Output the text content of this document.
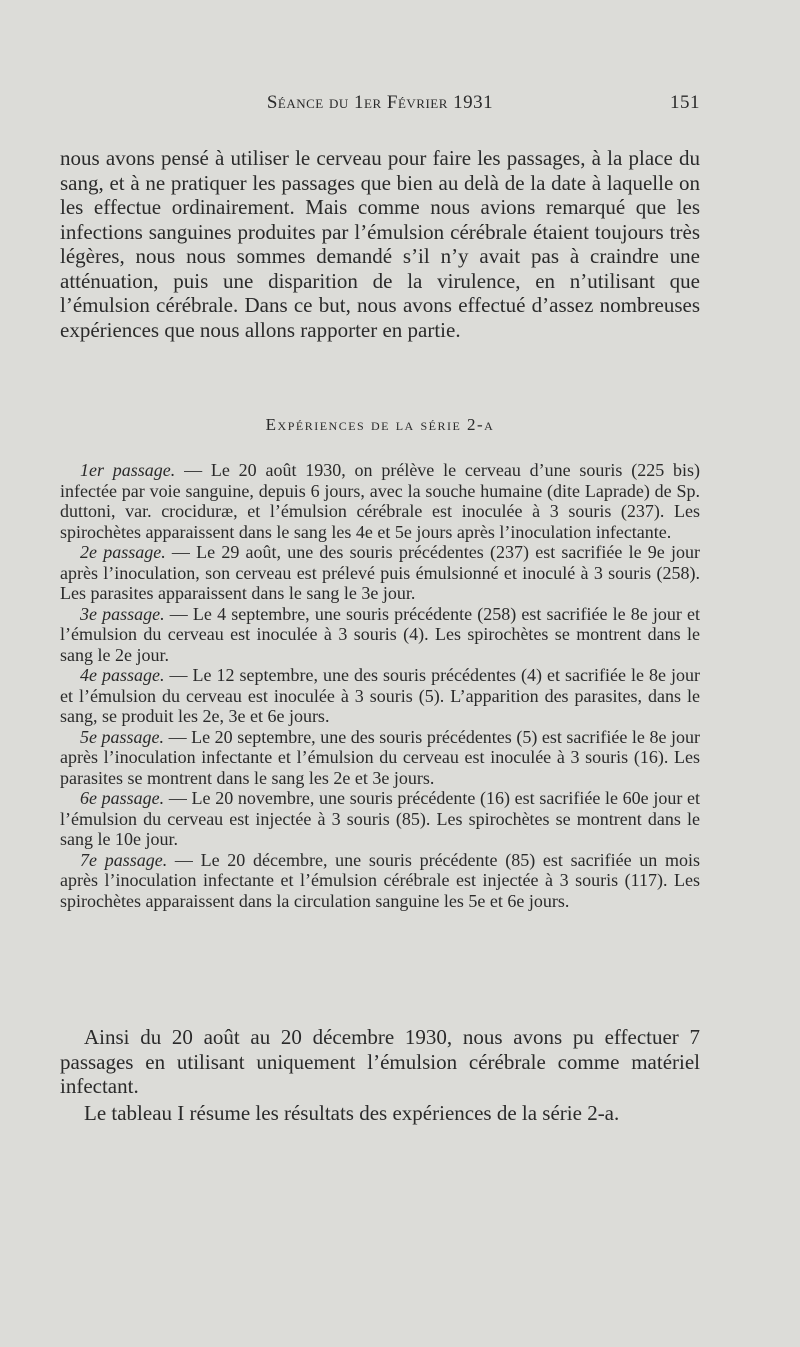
Séance du 1er Février 1931	151

nous avons pensé à utiliser le cerveau pour faire les passages, à la place du sang, et à ne pratiquer les passages que bien au delà de la date à laquelle on les effectue ordinairement. Mais comme nous avions remarqué que les infections sanguines produites par l’émulsion cérébrale étaient toujours très légères, nous nous sommes demandé s’il n’y avait pas à craindre une atténuation, puis une disparition de la virulence, en n’utilisant que l’émulsion cérébrale. Dans ce but, nous avons effectué d’assez nombreuses expériences que nous allons rapporter en partie.

Expériences de la série 2-a

1er passage. — Le 20 août 1930, on prélève le cerveau d’une souris (225 bis) infectée par voie sanguine, depuis 6 jours, avec la souche humaine (dite Laprade) de Sp. duttoni, var. crociduræ, et l’émulsion cérébrale est inoculée à 3 souris (237). Les spirochètes apparaissent dans le sang les 4e et 5e jours après l’inoculation infectante.

2e passage. — Le 29 août, une des souris précédentes (237) est sacrifiée le 9e jour après l’inoculation, son cerveau est prélevé puis émulsionné et inoculé à 3 souris (258). Les parasites apparaissent dans le sang le 3e jour.

3e passage. — Le 4 septembre, une souris précédente (258) est sacrifiée le 8e jour et l’émulsion du cerveau est inoculée à 3 souris (4). Les spirochètes se montrent dans le sang le 2e jour.

4e passage. — Le 12 septembre, une des souris précédentes (4) et sacrifiée le 8e jour et l’émulsion du cerveau est inoculée à 3 souris (5). L’apparition des parasites, dans le sang, se produit les 2e, 3e et 6e jours.

5e passage. — Le 20 septembre, une des souris précédentes (5) est sacrifiée le 8e jour après l’inoculation infectante et l’émulsion du cerveau est inoculée à 3 souris (16). Les parasites se montrent dans le sang les 2e et 3e jours.

6e passage. — Le 20 novembre, une souris précédente (16) est sacrifiée le 60e jour et l’émulsion du cerveau est injectée à 3 souris (85). Les spirochètes se montrent dans le sang le 10e jour.

7e passage. — Le 20 décembre, une souris précédente (85) est sacrifiée un mois après l’inoculation infectante et l’émulsion cérébrale est injectée à 3 souris (117). Les spirochètes apparaissent dans la circulation sanguine les 5e et 6e jours.

Ainsi du 20 août au 20 décembre 1930, nous avons pu effectuer 7 passages en utilisant uniquement l’émulsion cérébrale comme matériel infectant.

Le tableau I résume les résultats des expériences de la série 2-a.
